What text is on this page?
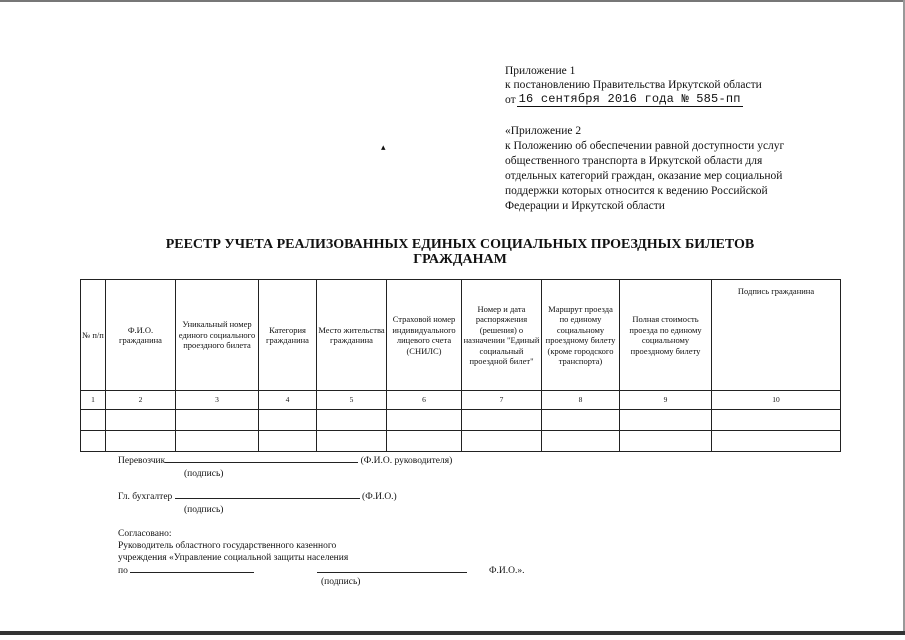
Приложение 1
к постановлению Правительства Иркутской области
от 16 сентября 2016 года № 585-пп
▴
«Приложение 2
к Положению об обеспечении равной доступности услуг
общественного транспорта в Иркутской области для
отдельных категорий граждан, оказание мер социальной
поддержки которых относится к ведению Российской
Федерации и Иркутской области
РЕЕСТР УЧЕТА РЕАЛИЗОВАННЫХ ЕДИНЫХ СОЦИАЛЬНЫХ ПРОЕЗДНЫХ БИЛЕТОВ
ГРАЖДАНАМ
№ п/п	Ф.И.О. гражданина	Уникальный номер единого социального проездного билета	Категория гражданина	Место жительства гражданина	Страховой номер индивидуального лицевого счета (СНИЛС)	Номер и дата распоряжения (решения) о назначении "Единый социальный проездной билет"	Маршрут проезда по единому социальному проездному билету (кроме городского транспорта)	Полная стоимость проезда по единому социальному проездному билету	Подпись гражданина
1	2	3	4	5	6	7	8	9	10

Перевозчик	(Ф.И.О. руководителя)
(подпись)
Гл. бухгалтер	(Ф.И.О.)
(подпись)
Согласовано:
Руководитель областного государственного казенного
учреждения «Управление социальной защиты населения
по	Ф.И.О.».
(подпись)
